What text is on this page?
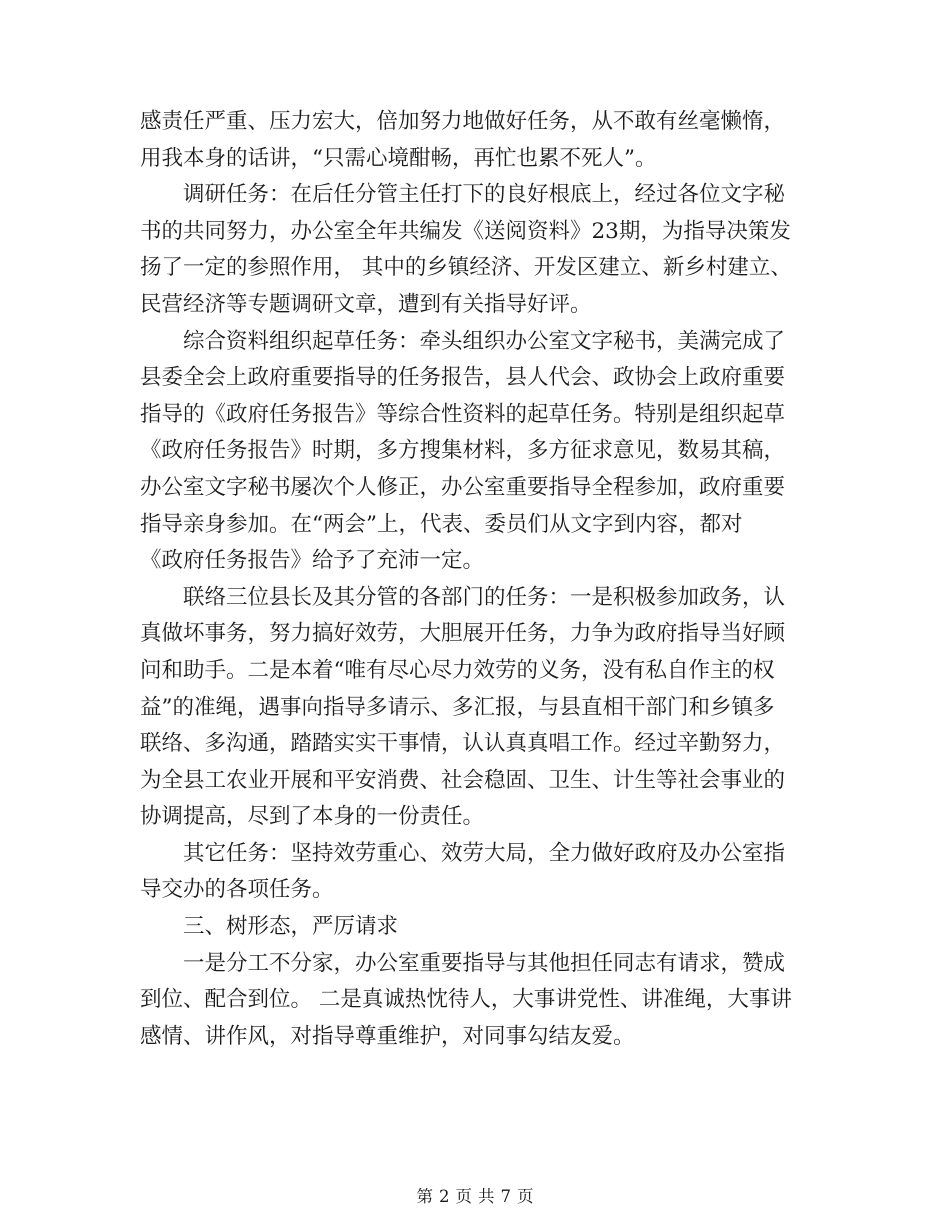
感责任严重、压力宏大，倍加努力地做好任务，从不敢有丝毫懒惰，
用我本身的话讲，“只需心境酣畅，再忙也累不死人”。
　　调研任务：在后任分管主任打下的良好根底上，经过各位文字秘
书的共同努力，办公室全年共编发《送阅资料》23期，为指导决策发
扬了一定的参照作用， 其中的乡镇经济、开发区建立、新乡村建立、
民营经济等专题调研文章，遭到有关指导好评。
　　综合资料组织起草任务：牵头组织办公室文字秘书，美满完成了
县委全会上政府重要指导的任务报告，县人代会、政协会上政府重要
指导的《政府任务报告》等综合性资料的起草任务。特别是组织起草
《政府任务报告》时期，多方搜集材料，多方征求意见，数易其稿，
办公室文字秘书屡次个人修正，办公室重要指导全程参加，政府重要
指导亲身参加。在“两会”上，代表、委员们从文字到内容，都对
《政府任务报告》给予了充沛一定。
　　联络三位县长及其分管的各部门的任务：一是积极参加政务，认
真做坏事务，努力搞好效劳，大胆展开任务，力争为政府指导当好顾
问和助手。二是本着“唯有尽心尽力效劳的义务，没有私自作主的权
益”的准绳，遇事向指导多请示、多汇报，与县直相干部门和乡镇多
联络、多沟通，踏踏实实干事情，认认真真唱工作。经过辛勤努力，
为全县工农业开展和平安消费、社会稳固、卫生、计生等社会事业的
协调提高，尽到了本身的一份责任。
　　其它任务：坚持效劳重心、效劳大局，全力做好政府及办公室指
导交办的各项任务。
　　三、树形态，严厉请求
　　一是分工不分家，办公室重要指导与其他担任同志有请求，赞成
到位、配合到位。 二是真诚热忱待人，大事讲党性、讲准绳，大事讲
感情、讲作风，对指导尊重维护，对同事勾结友爱。
第 2 页 共 7 页
